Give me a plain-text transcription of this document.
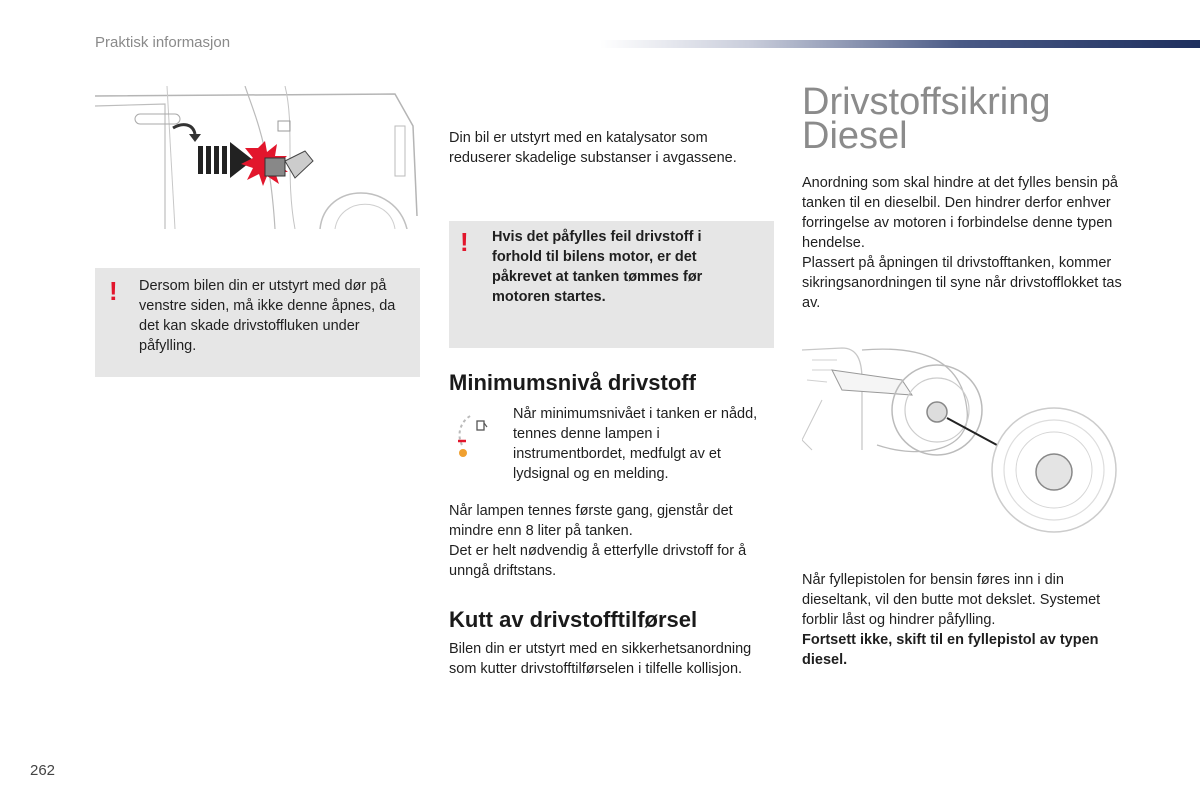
Praktisk informasjon
! Dersom bilen din er utstyrt med dør på venstre siden, må ikke denne åpnes, da det kan skade drivstoffluken under påfylling.
Din bil er utstyrt med en katalysator som reduserer skadelige substanser i avgassene.
! Hvis det påfylles feil drivstoff i forhold til bilens motor, er det påkrevet at tanken tømmes før motoren startes.
Minimumsnivå drivstoff
Når minimumsnivået i tanken er nådd, tennes denne lampen i instrumentbordet, medfulgt av et lydsignal og en melding.
Når lampen tennes første gang, gjenstår det mindre enn 8 liter på tanken.
Det er helt nødvendig å etterfylle drivstoff for å unngå driftstans.
Kutt av drivstofftilførsel
Bilen din er utstyrt med en sikkerhetsanordning som kutter drivstofftilførselen i tilfelle kollisjon.
Drivstoffsikring
Diesel
Anordning som skal hindre at det fylles bensin på tanken til en dieselbil. Den hindrer derfor enhver forringelse av motoren i forbindelse denne typen hendelse.
Plassert på åpningen til drivstofftanken, kommer sikringsanordningen til syne når drivstofflokket tas av.
Når fyllepistolen for bensin føres inn i din dieseltank, vil den butte mot dekslet. Systemet forblir låst og hindrer påfylling.
Fortsett ikke, skift til en fyllepistol av typen diesel.
262
